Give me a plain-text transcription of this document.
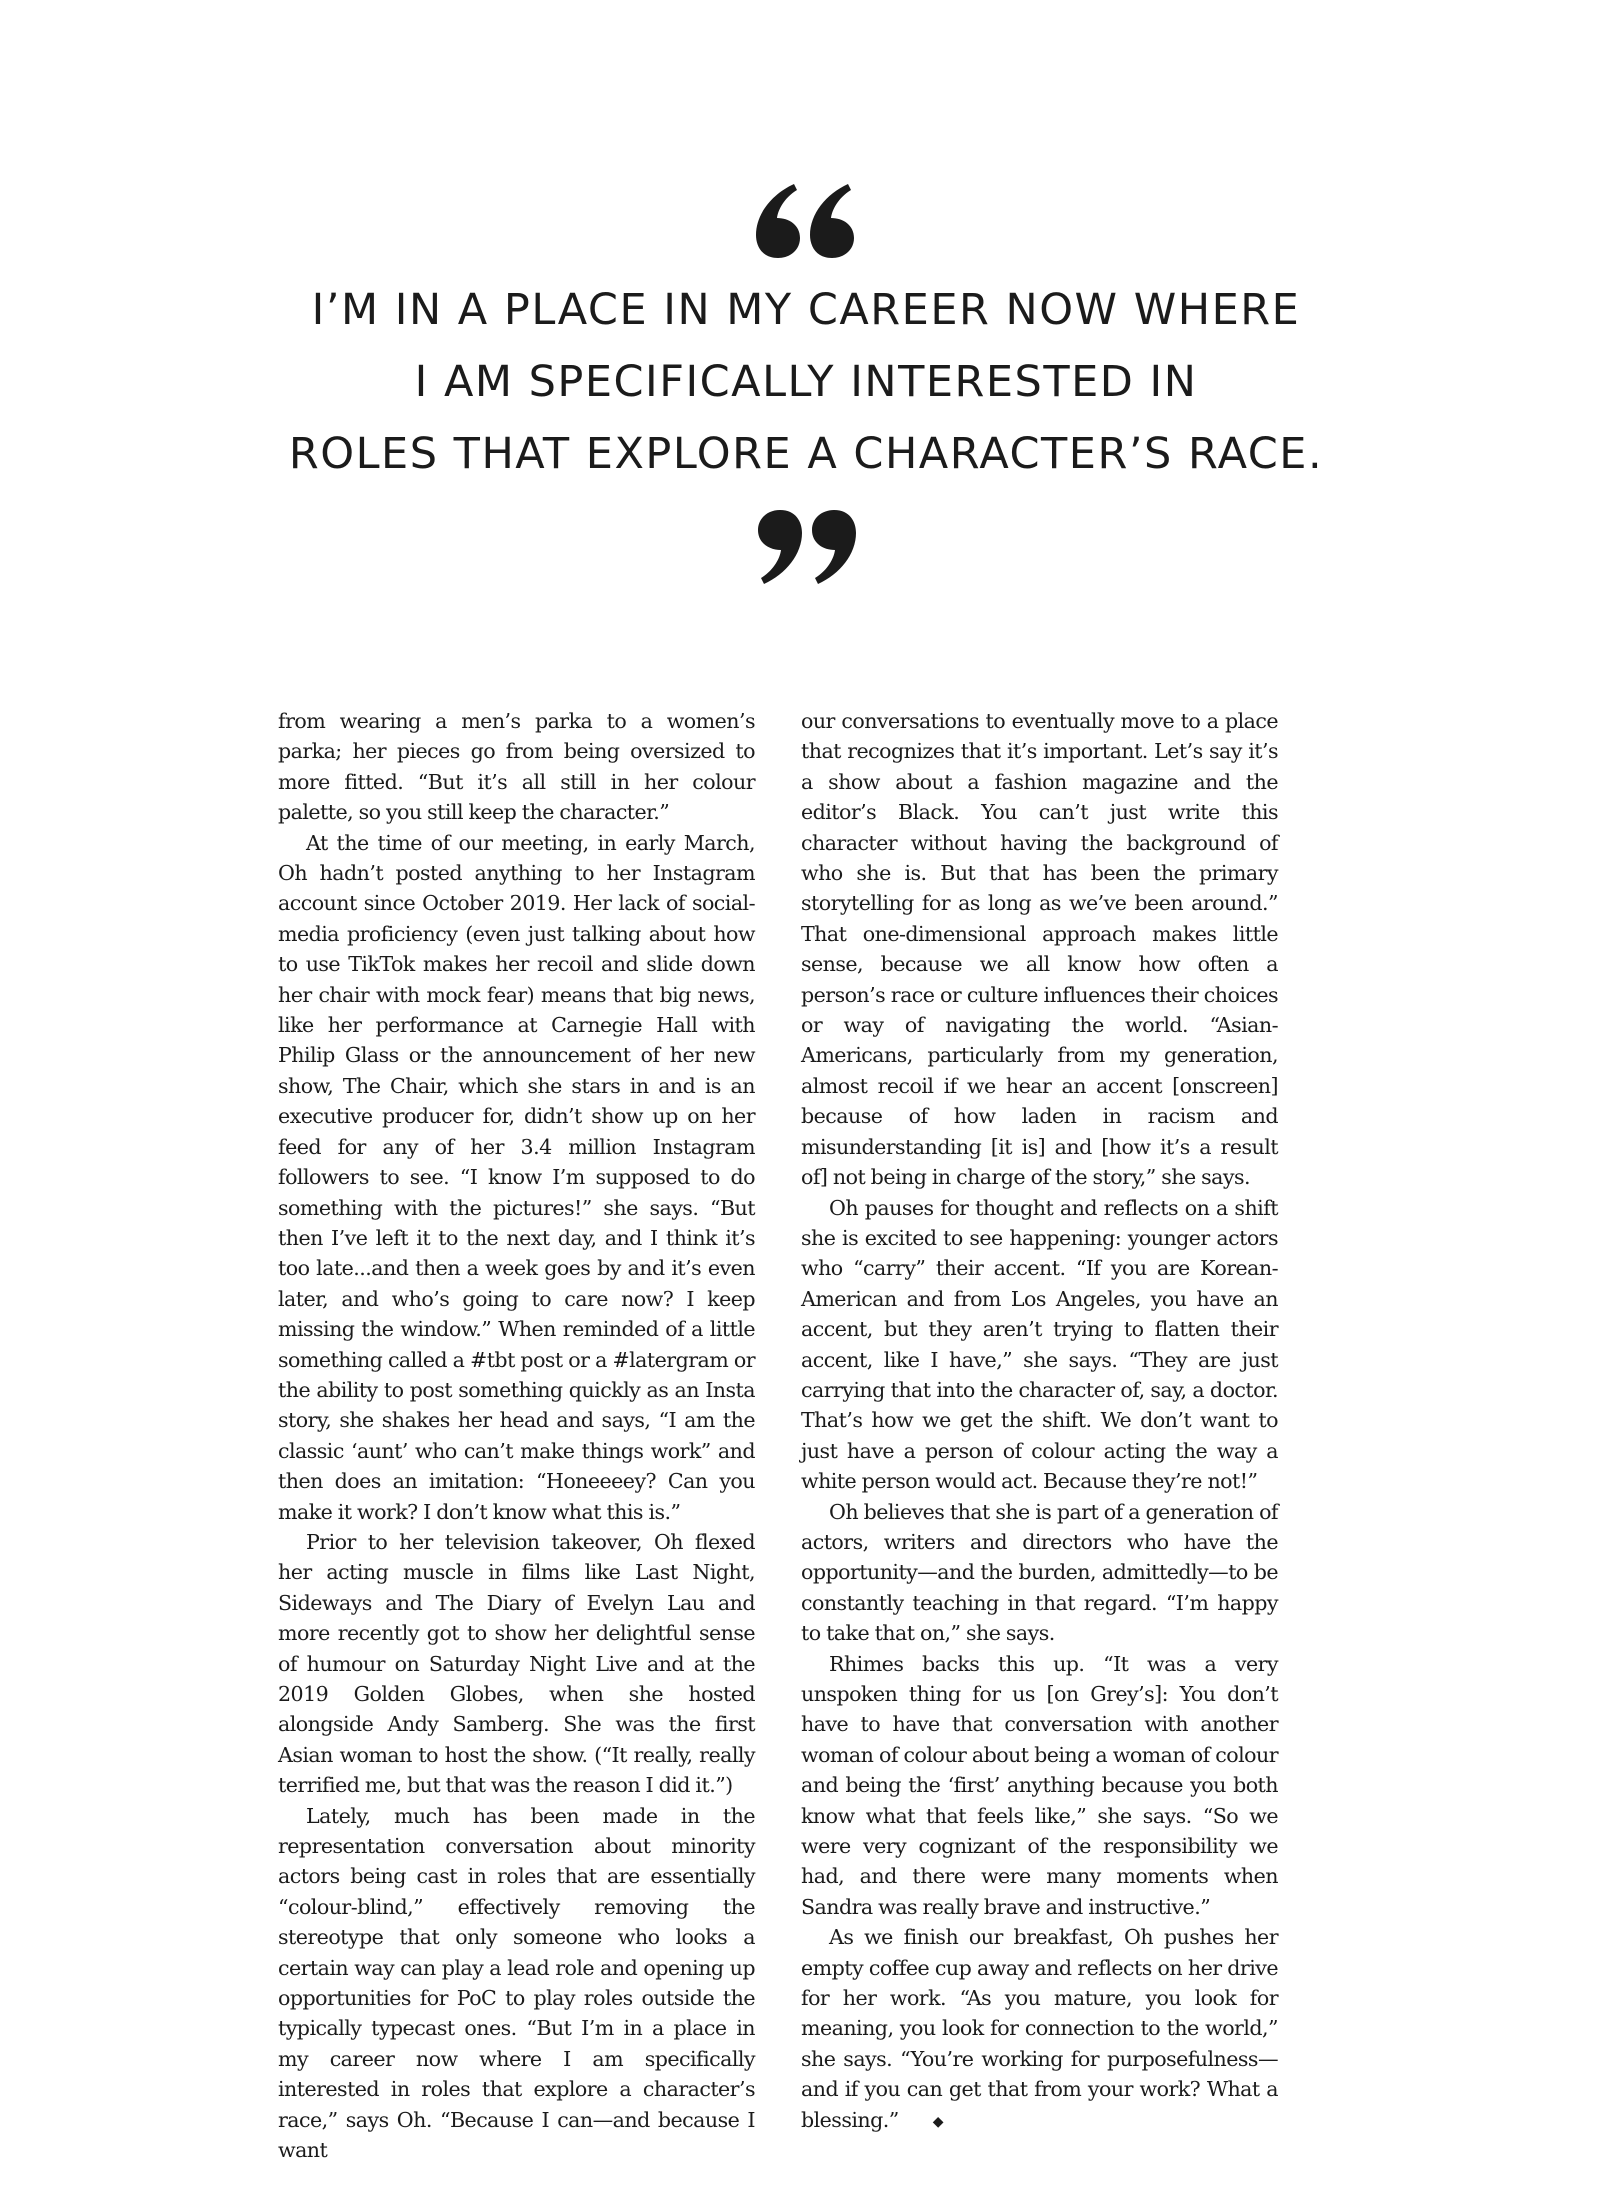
I’M IN A PLACE IN MY CAREER NOW WHERE
I AM SPECIFICALLY INTERESTED IN
ROLES THAT EXPLORE A CHARACTER’S RACE.

from wearing a men’s parka to a women’s parka; her pieces go from being oversized to more fitted. “But it’s all still in her colour palette, so you still keep the character.”

At the time of our meeting, in early March, Oh hadn’t posted anything to her Instagram account since October 2019. Her lack of social-media proficiency (even just talking about how to use TikTok makes her recoil and slide down her chair with mock fear) means that big news, like her performance at Carnegie Hall with Philip Glass or the announcement of her new show, The Chair, which she stars in and is an executive producer for, didn’t show up on her feed for any of her 3.4 million Instagram followers to see. “I know I’m supposed to do something with the pictures!” she says. “But then I’ve left it to the next day, and I think it’s too late...and then a week goes by and it’s even later, and who’s going to care now? I keep missing the window.” When reminded of a little something called a #tbt post or a #latergram or the ability to post something quickly as an Insta story, she shakes her head and says, “I am the classic ‘aunt’ who can’t make things work” and then does an imitation: “Honeeeey? Can you make it work? I don’t know what this is.”

Prior to her television takeover, Oh flexed her acting muscle in films like Last Night, Sideways and The Diary of Evelyn Lau and more recently got to show her delightful sense of humour on Saturday Night Live and at the 2019 Golden Globes, when she hosted alongside Andy Samberg. She was the first Asian woman to host the show. (“It really, really terrified me, but that was the reason I did it.”)

Lately, much has been made in the representation conversation about minority actors being cast in roles that are essentially “colour-blind,” effectively removing the stereotype that only someone who looks a certain way can play a lead role and opening up opportunities for PoC to play roles outside the typically typecast ones. “But I’m in a place in my career now where I am specifically interested in roles that explore a character’s race,” says Oh. “Because I can—and because I want

our conversations to eventually move to a place that recognizes that it’s important. Let’s say it’s a show about a fashion magazine and the editor’s Black. You can’t just write this character without having the background of who she is. But that has been the primary storytelling for as long as we’ve been around.” That one-dimensional approach makes little sense, because we all know how often a person’s race or culture influences their choices or way of navigating the world. “Asian-Americans, particularly from my generation, almost recoil if we hear an accent [onscreen] because of how laden in racism and misunderstanding [it is] and [how it’s a result of] not being in charge of the story,” she says.

Oh pauses for thought and reflects on a shift she is excited to see happening: younger actors who “carry” their accent. “If you are Korean-American and from Los Angeles, you have an accent, but they aren’t trying to flatten their accent, like I have,” she says. “They are just carrying that into the character of, say, a doctor. That’s how we get the shift. We don’t want to just have a person of colour acting the way a white person would act. Because they’re not!”

Oh believes that she is part of a generation of actors, writers and directors who have the opportunity—and the burden, admittedly—to be constantly teaching in that regard. “I’m happy to take that on,” she says.

Rhimes backs this up. “It was a very unspoken thing for us [on Grey’s]: You don’t have to have that conversation with another woman of colour about being a woman of colour and being the ‘first’ anything because you both know what that feels like,” she says. “So we were very cognizant of the responsibility we had, and there were many moments when Sandra was really brave and instructive.”

As we finish our breakfast, Oh pushes her empty coffee cup away and reflects on her drive for her work. “As you mature, you look for meaning, you look for connection to the world,” she says. “You’re working for purposefulness—and if you can get that from your work? What a blessing.” ◆
